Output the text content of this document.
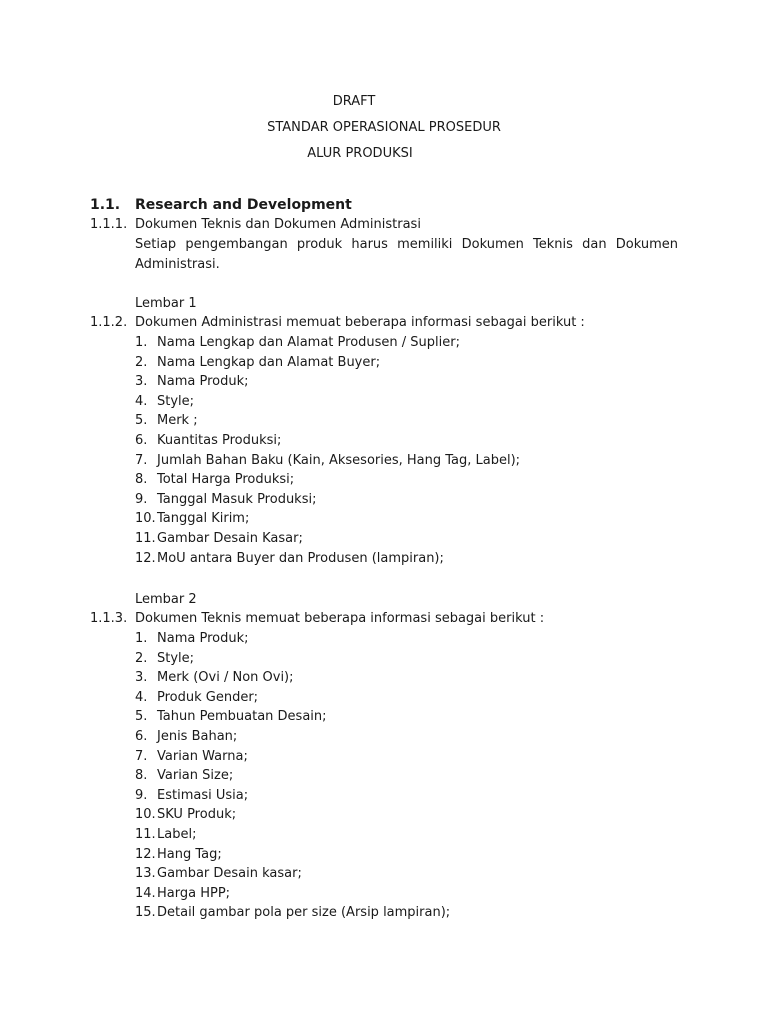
DRAFT
STANDAR OPERASIONAL PROSEDUR
ALUR PRODUKSI
1.1. Research and Development
1.1.1. Dokumen Teknis dan Dokumen Administrasi
Setiap pengembangan produk harus memiliki Dokumen Teknis dan Dokumen Administrasi.
Lembar 1
1.1.2. Dokumen Administrasi memuat beberapa informasi sebagai berikut :
1. Nama Lengkap dan Alamat Produsen / Suplier;
2. Nama Lengkap dan Alamat Buyer;
3. Nama Produk;
4. Style;
5. Merk ;
6. Kuantitas Produksi;
7. Jumlah Bahan Baku (Kain, Aksesories, Hang Tag, Label);
8. Total Harga Produksi;
9. Tanggal Masuk Produksi;
10. Tanggal Kirim;
11. Gambar Desain Kasar;
12. MoU antara Buyer dan Produsen (lampiran);
Lembar 2
1.1.3. Dokumen Teknis memuat beberapa informasi sebagai berikut :
1. Nama Produk;
2. Style;
3. Merk (Ovi / Non Ovi);
4. Produk Gender;
5. Tahun Pembuatan Desain;
6. Jenis Bahan;
7. Varian Warna;
8. Varian Size;
9. Estimasi Usia;
10. SKU Produk;
11. Label;
12. Hang Tag;
13. Gambar Desain kasar;
14. Harga HPP;
15. Detail gambar pola per size (Arsip lampiran);
